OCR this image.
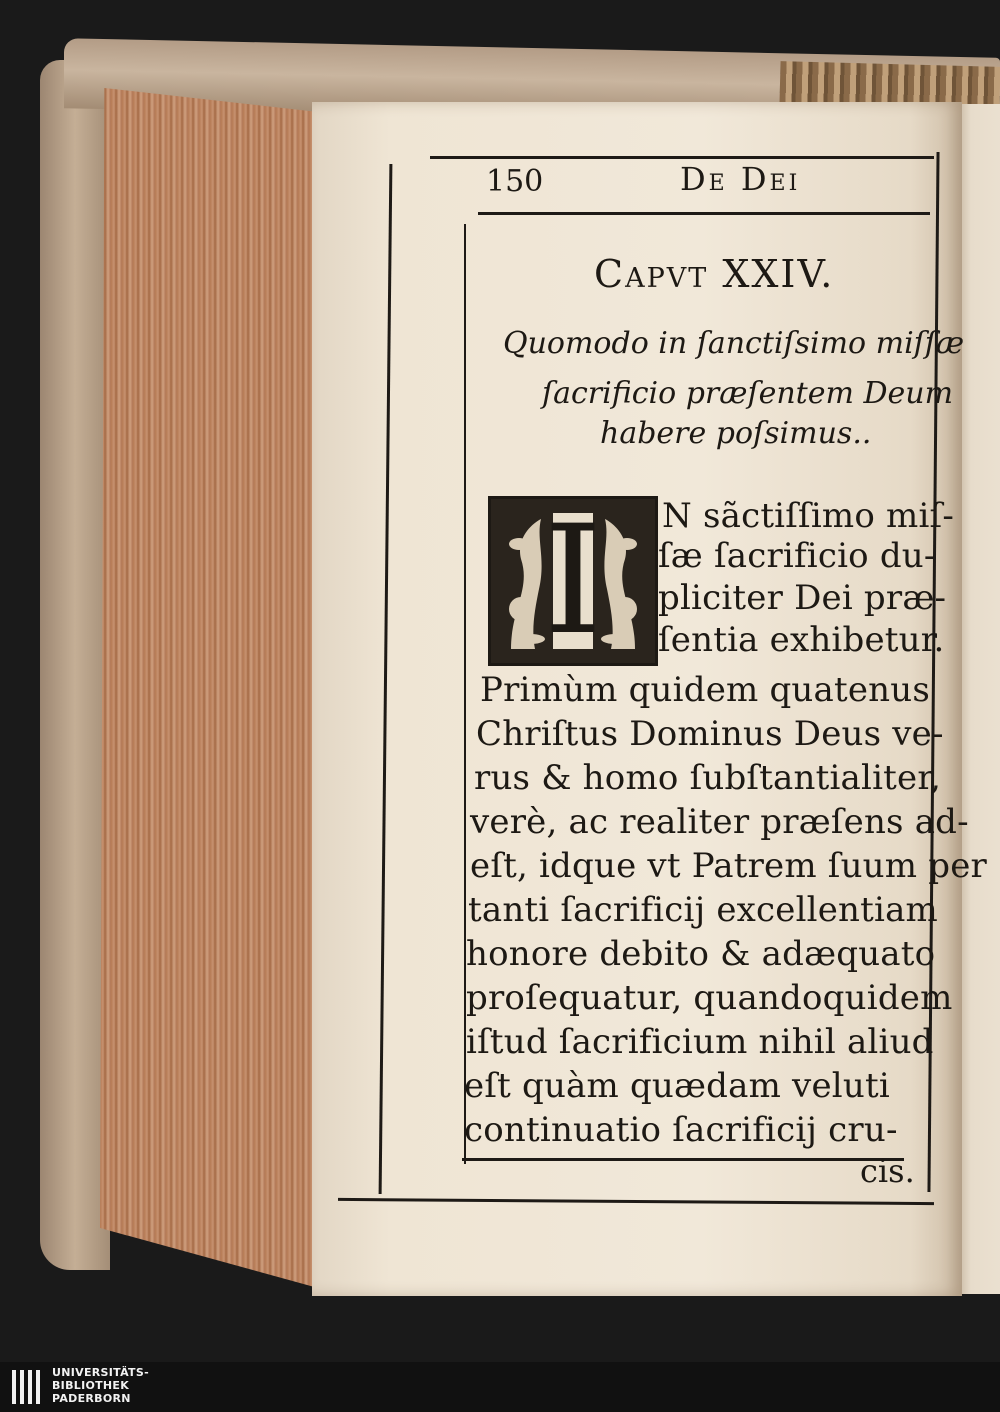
150	De Dei
Capvt XXIV.
Quomodo in ſanctiſsimo miſſæ
ſacrificio præſentem Deum
habere poſsimus..
I	N sãctiſſimo miſ-
ſæ ſacrificio du-
pliciter Dei præ-
ſentia exhibetur.
Primùm quidem quatenus
Chriſtus Dominus Deus ve-
rus & homo ſubſtantialiter,
verè, ac realiter præſens ad-
eſt, idque vt Patrem ſuum per
tanti ſacrificij excellentiam
honore debito & adæquato
proſequatur, quandoquidem
iſtud ſacrificium nihil aliud
eſt quàm quædam veluti
continuatio ſacrificij cru-
cis.
UNIVERSITÄTS-
BIBLIOTHEK
PADERBORN
